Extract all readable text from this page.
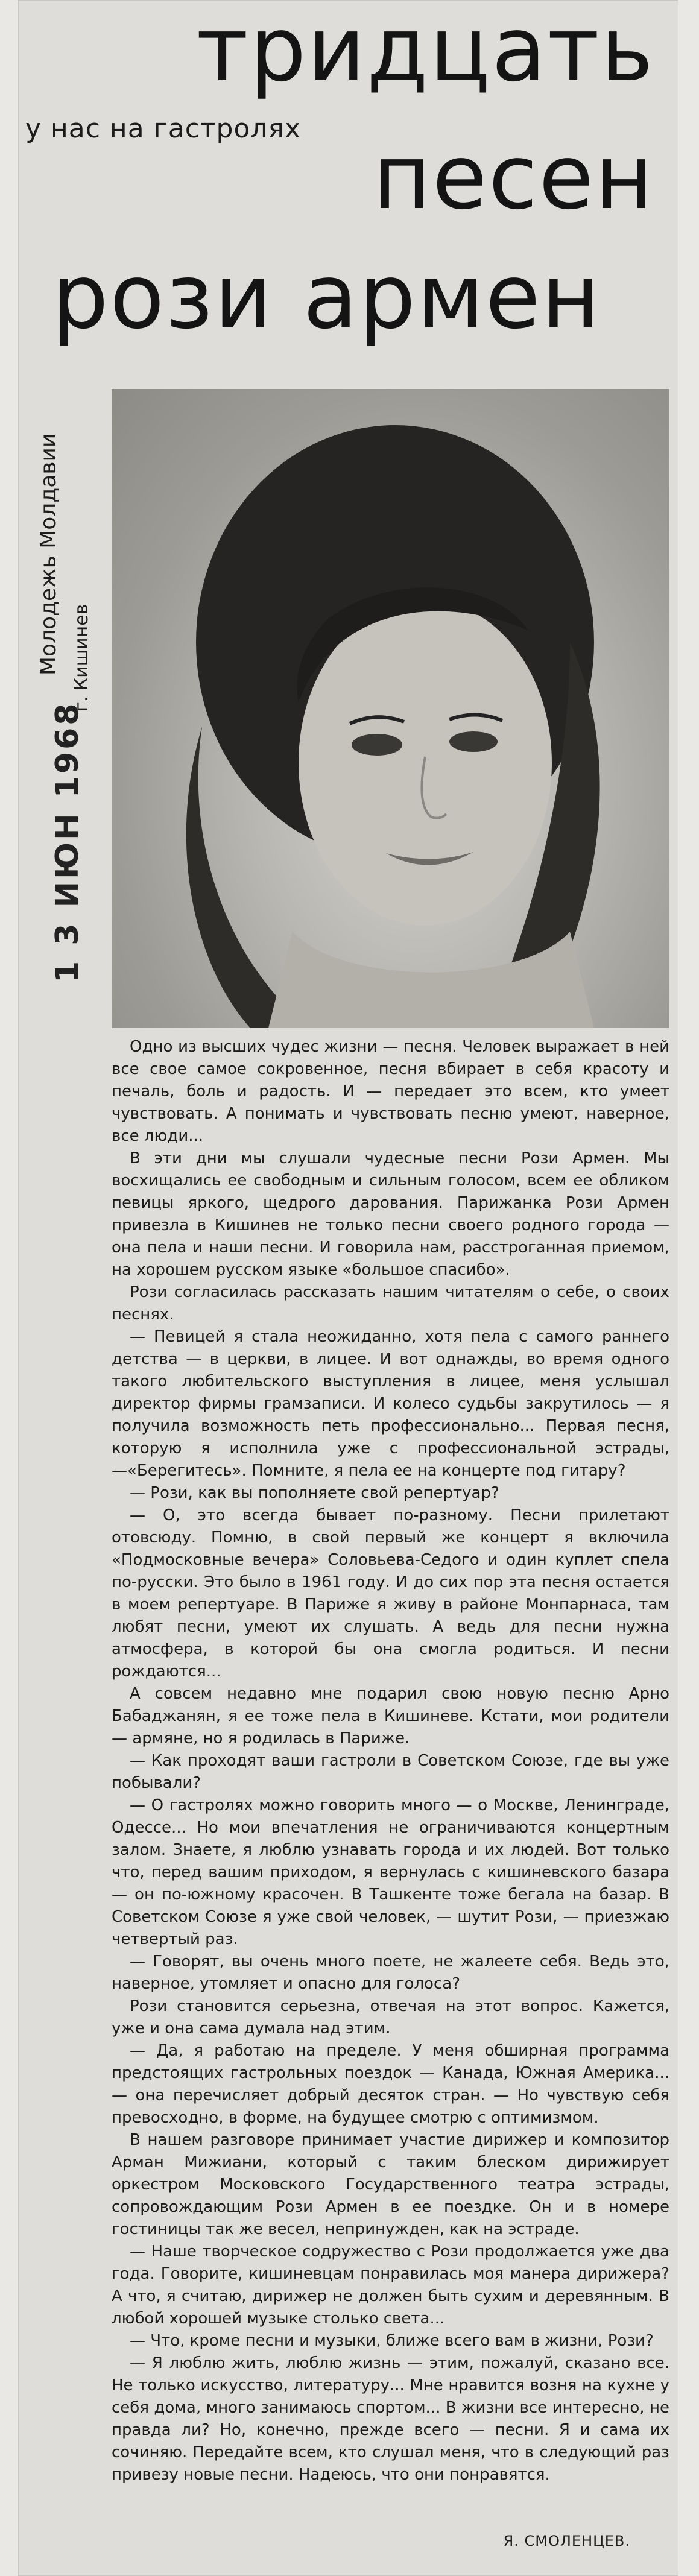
тридцать
у нас на гастролях песен
рози армен
Молодежь Молдавии г. Кишинев
1 3 ИЮН 1968

Одно из высших чудес жизни — песня. Человек выражает в ней все свое самое сокровенное, песня вбирает в себя красоту и печаль, боль и радость. И — передает это всем, кто умеет чувствовать. А понимать и чувствовать песню умеют, наверное, все люди...

В эти дни мы слушали чудесные песни Рози Армен. Мы восхищались ее свободным и сильным голосом, всем ее обликом певицы яркого, щедрого дарования. Парижанка Рози Армен привезла в Кишинев не только песни своего родного города — она пела и наши песни. И говорила нам, расстроганная приемом, на хорошем русском языке «большое спасибо».

Рози согласилась рассказать нашим читателям о себе, о своих песнях.

— Певицей я стала неожиданно, хотя пела с самого раннего детства — в церкви, в лицее. И вот однажды, во время одного такого любительского выступления в лицее, меня услышал директор фирмы грамзаписи. И колесо судьбы закрутилось — я получила возможность петь профессионально... Первая песня, которую я исполнила уже с профессиональной эстрады,—«Берегитесь». Помните, я пела ее на концерте под гитару?

— Рози, как вы пополняете свой репертуар?

— О, это всегда бывает по-разному. Песни прилетают отовсюду. Помню, в свой первый же концерт я включила «Подмосковные вечера» Соловьева-Седого и один куплет спела по-русски. Это было в 1961 году. И до сих пор эта песня остается в моем репертуаре. В Париже я живу в районе Монпарнаса, там любят песни, умеют их слушать. А ведь для песни нужна атмосфера, в которой бы она смогла родиться. И песни рождаются...

А совсем недавно мне подарил свою новую песню Арно Бабаджанян, я ее тоже пела в Кишиневе. Кстати, мои родители — армяне, но я родилась в Париже.

— Как проходят ваши гастроли в Советском Союзе, где вы уже побывали?

— О гастролях можно говорить много — о Москве, Ленинграде, Одессе... Но мои впечатления не ограничиваются концертным залом. Знаете, я люблю узнавать города и их людей. Вот только что, перед вашим приходом, я вернулась с кишиневского базара — он по-южному красочен. В Ташкенте тоже бегала на базар. В Советском Союзе я уже свой человек, — шутит Рози, — приезжаю четвертый раз.

— Говорят, вы очень много поете, не жалеете себя. Ведь это, наверное, утомляет и опасно для голоса?

Рози становится серьезна, отвечая на этот вопрос. Кажется, уже и она сама думала над этим.

— Да, я работаю на пределе. У меня обширная программа предстоящих гастрольных поездок — Канада, Южная Америка... — она перечисляет добрый десяток стран. — Но чувствую себя превосходно, в форме, на будущее смотрю с оптимизмом.

В нашем разговоре принимает участие дирижер и композитор Арман Мижиани, который с таким блеском дирижирует оркестром Московского Государственного театра эстрады, сопровождающим Рози Армен в ее поездке. Он и в номере гостиницы так же весел, непринужден, как на эстраде.

— Наше творческое содружество с Рози продолжается уже два года. Говорите, кишиневцам понравилась моя манера дирижера? А что, я считаю, дирижер не должен быть сухим и деревянным. В любой хорошей музыке столько света...

— Что, кроме песни и музыки, ближе всего вам в жизни, Рози?

— Я люблю жить, люблю жизнь — этим, пожалуй, сказано все. Не только искусство, литературу... Мне нравится возня на кухне у себя дома, много занимаюсь спортом... В жизни все интересно, не правда ли? Но, конечно, прежде всего — песни. Я и сама их сочиняю. Передайте всем, кто слушал меня, что в следующий раз привезу новые песни. Надеюсь, что они понравятся.

Я. СМОЛЕНЦЕВ.
